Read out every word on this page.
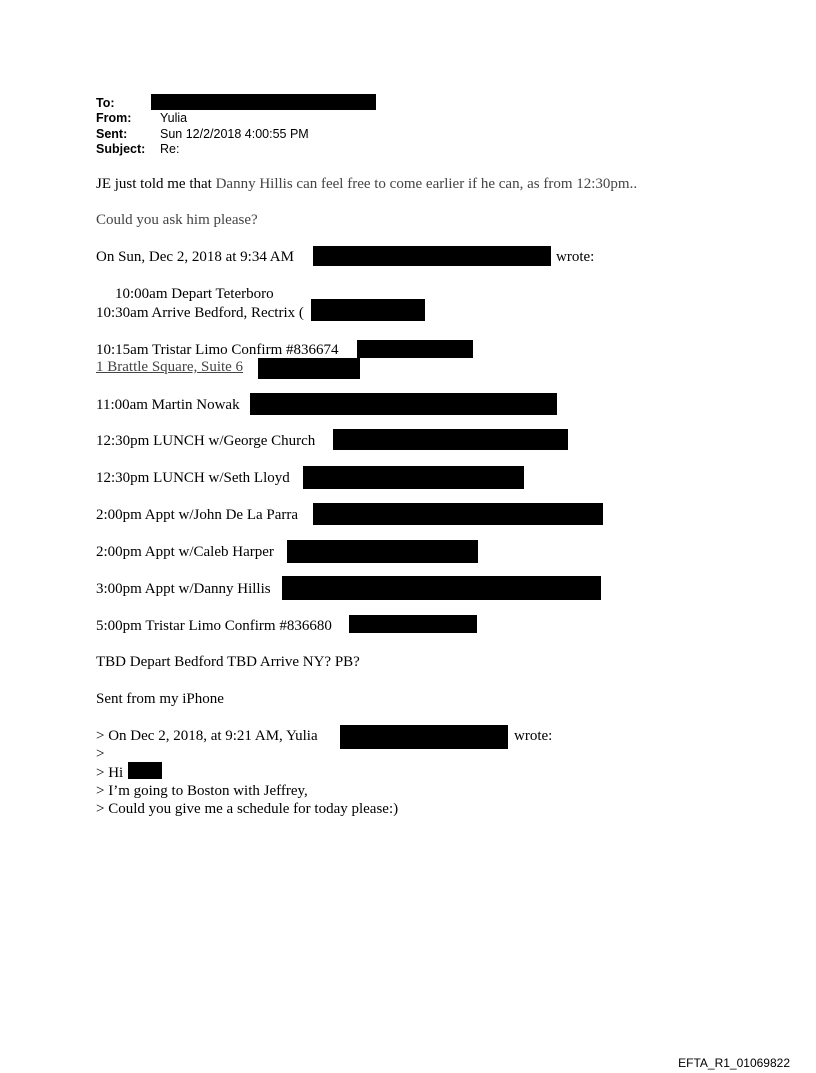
To:
From: Yulia
Sent:	Sun 12/2/2018 4:00:55 PM
Subject: Re:
JE just told me that Danny Hillis can feel free to come earlier if he can, as from 12:30pm..
Could you ask him please?
On Sun, Dec 2, 2018 at 9:34 AM	wrote:
10:00am Depart Teterboro
10:30am Arrive Bedford, Rectrix (
10:15am Tristar Limo Confirm #836674
1 Brattle Square, Suite 6
11:00am Martin Nowak
12:30pm LUNCH w/George Church
12:30pm LUNCH w/Seth Lloyd
2:00pm Appt w/John De La Parra
2:00pm Appt w/Caleb Harper
3:00pm Appt w/Danny Hillis
5:00pm Tristar Limo Confirm #836680
TBD Depart Bedford TBD Arrive NY? PB?
Sent from my iPhone
> On Dec 2, 2018, at 9:21 AM, Yulia	wrote:
>
> Hi
> I’m going to Boston with Jeffrey,
> Could you give me a schedule for today please:)
EFTA_R1_01069822
